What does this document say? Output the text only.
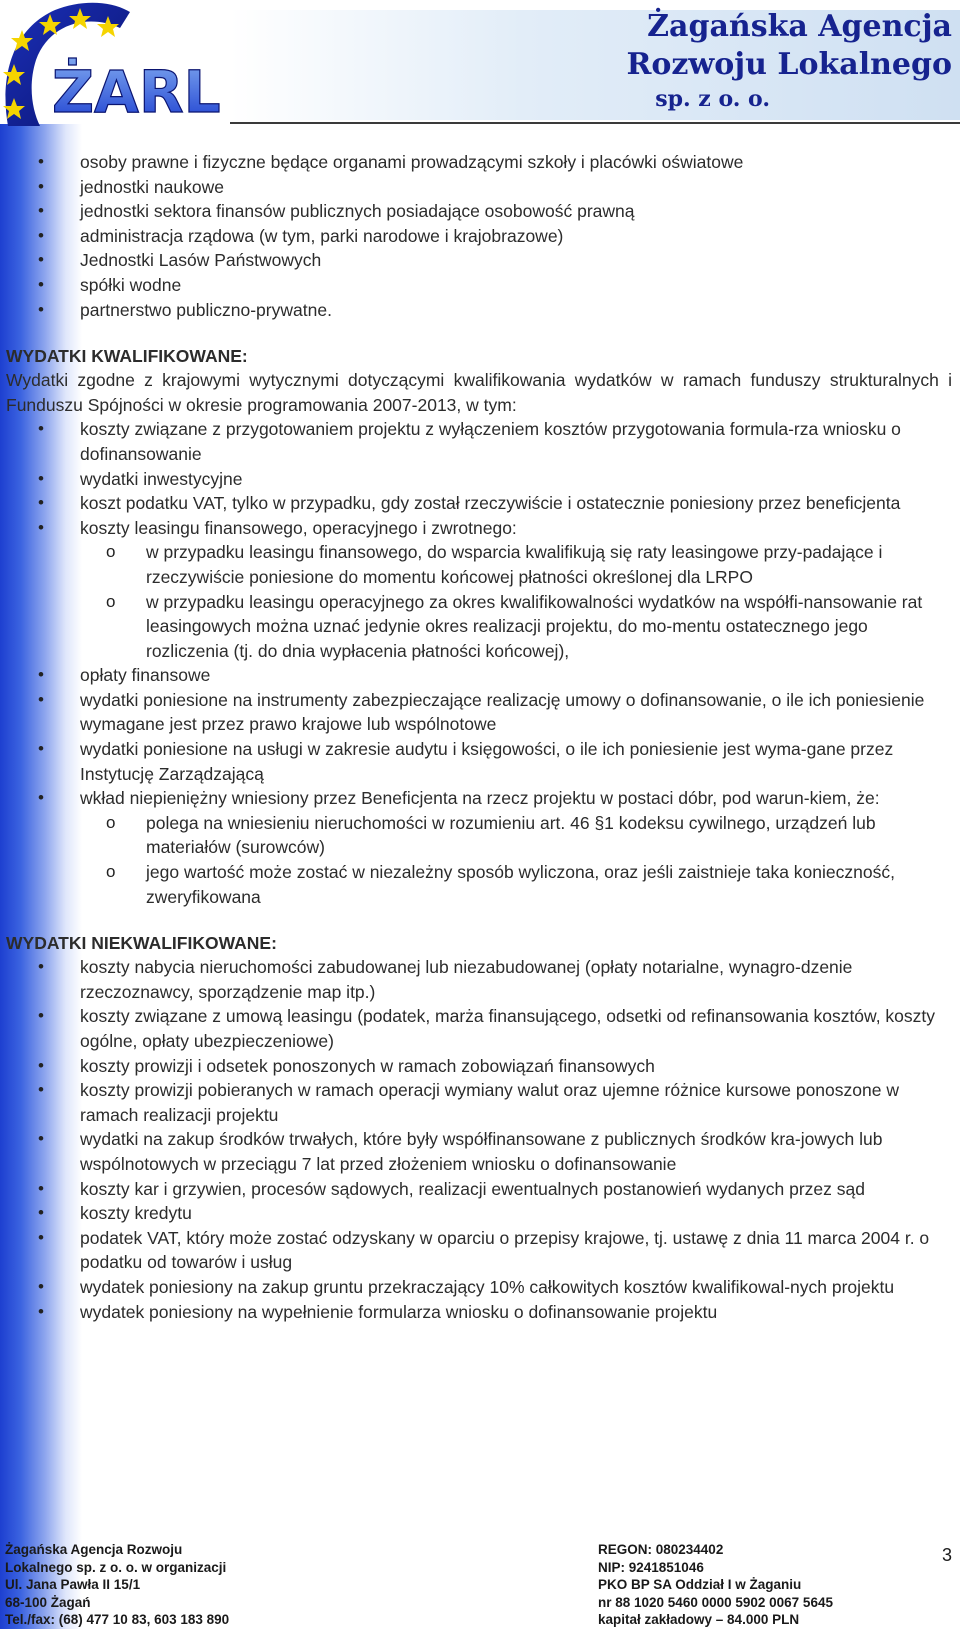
ŻARL
Żagańska Agencja
Rozwoju Lokalnego
sp. z o. o.
• osoby prawne i fizyczne będące organami prowadzącymi szkoły i placówki oświatowe
• jednostki naukowe
• jednostki sektora finansów publicznych posiadające osobowość prawną
• administracja rządowa (w tym, parki narodowe i krajobrazowe)
• Jednostki Lasów Państwowych
• spółki wodne
• partnerstwo publiczno-prywatne.
WYDATKI KWALIFIKOWANE:
Wydatki zgodne z krajowymi wytycznymi dotyczącymi kwalifikowania wydatków w ramach funduszy strukturalnych i Funduszu Spójności w okresie programowania 2007-2013, w tym:
• koszty związane z przygotowaniem projektu z wyłączeniem kosztów przygotowania formula-rza wniosku o dofinansowanie
• wydatki inwestycyjne
• koszt podatku VAT, tylko w przypadku, gdy został rzeczywiście i ostatecznie poniesiony przez beneficjenta
• koszty leasingu finansowego, operacyjnego i zwrotnego:
o w przypadku leasingu finansowego, do wsparcia kwalifikują się raty leasingowe przy-padające i rzeczywiście poniesione do momentu końcowej płatności określonej dla LRPO
o w przypadku leasingu operacyjnego za okres kwalifikowalności wydatków na współfi-nansowanie rat leasingowych można uznać jedynie okres realizacji projektu, do mo-mentu ostatecznego jego rozliczenia (tj. do dnia wypłacenia płatności końcowej),
• opłaty finansowe
• wydatki poniesione na instrumenty zabezpieczające realizację umowy o dofinansowanie, o ile ich poniesienie wymagane jest przez prawo krajowe lub wspólnotowe
• wydatki poniesione na usługi w zakresie audytu i księgowości, o ile ich poniesienie jest wyma-gane przez Instytucję Zarządzającą
• wkład niepieniężny wniesiony przez Beneficjenta na rzecz projektu w postaci dóbr, pod warun-kiem, że:
o polega na wniesieniu nieruchomości w rozumieniu art. 46 §1 kodeksu cywilnego, urządzeń lub materiałów (surowców)
o jego wartość może zostać w niezależny sposób wyliczona, oraz jeśli zaistnieje taka konieczność, zweryfikowana
WYDATKI NIEKWALIFIKOWANE:
• koszty nabycia nieruchomości zabudowanej lub niezabudowanej (opłaty notarialne, wynagro-dzenie rzeczoznawcy, sporządzenie map itp.)
• koszty związane z umową leasingu (podatek, marża finansującego, odsetki od refinansowania kosztów, koszty ogólne, opłaty ubezpieczeniowe)
• koszty prowizji i odsetek ponoszonych w ramach zobowiązań finansowych
• koszty prowizji pobieranych w ramach operacji wymiany walut oraz ujemne różnice kursowe ponoszone w ramach realizacji projektu
• wydatki na zakup środków trwałych, które były współfinansowane z publicznych środków kra-jowych lub wspólnotowych w przeciągu 7 lat przed złożeniem wniosku o dofinansowanie
• koszty kar i grzywien, procesów sądowych, realizacji ewentualnych postanowień wydanych przez sąd
• koszty kredytu
• podatek VAT, który może zostać odzyskany w oparciu o przepisy krajowe, tj. ustawę z dnia 11 marca 2004 r. o podatku od towarów i usług
• wydatek poniesiony na zakup gruntu przekraczający 10% całkowitych kosztów kwalifikowal-nych projektu
• wydatek poniesiony na wypełnienie formularza wniosku o dofinansowanie projektu
Żagańska Agencja Rozwoju
Lokalnego sp. z o. o. w organizacji
Ul. Jana Pawła II 15/1
68-100 Żagań
Tel./fax: (68) 477 10 83, 603 183 890
REGON: 080234402
NIP: 9241851046
PKO BP SA Oddział I w Żaganiu
nr 88 1020 5460 0000 5902 0067 5645
kapitał zakładowy – 84.000 PLN
3
